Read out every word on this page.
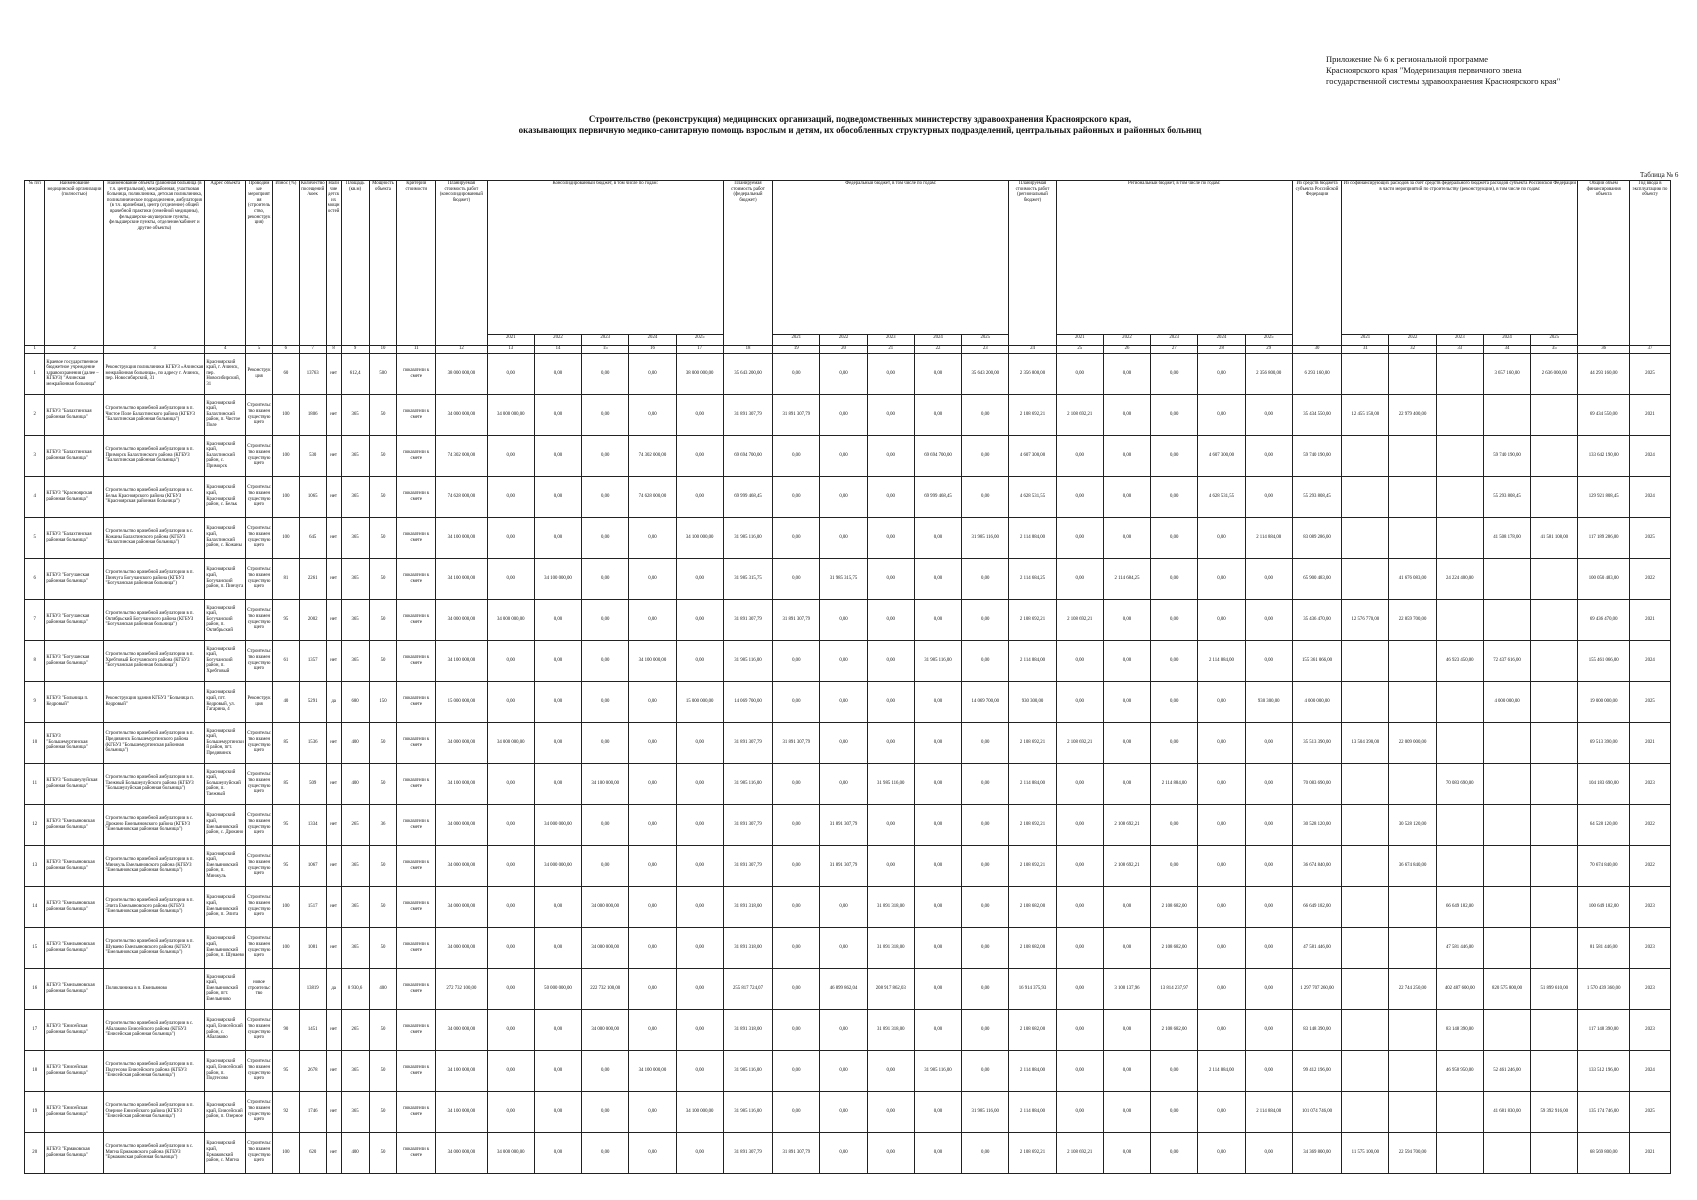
Приложение № 6 к региональной программе
Красноярского края "Модернизация первичного звена
государственной системы здравоохранения Красноярского края"
Строительство (реконструкция) медицинских организаций, подведомственных министерству здравоохранения Красноярского края,
оказывающих первичную медико-санитарную помощь взрослым и детям, их обособленных структурных подразделений, центральных районных и районных больниц
Таблица № 6
№ п/п	Наименование медицинской организации (полностью)	Наименование объекта (районная больница (в т.ч. центральная), межрайонная, участковая больница, поликлиника, детская поликлиника, поликлиническое подразделение, амбулатория (в т.ч. врачебная), центр (отделение) общей врачебной практики (семейной медицины), фельдшерско-акушерские пункты, фельдшерские пункты, отделение/кабинет и другие объекты)	Адрес объекта	Проводимые мероприятия (строительство, реконструкция)	Износ (%)	Количество посещений/коек	Наличие детских мощностей	Площадь (кв.м)	Мощность объекта	Критерий стоимости	Планируемая стоимость работ (консолидированный бюджет)	Консолидированный бюджет, в том числе по годам:					Планируемая стоимость работ (федеральный бюджет)	Федеральный бюджет, в том числе по годам:					Планируемая стоимость работ (региональный бюджет)	Региональный бюджет, в том числе по годам:					Из средств бюджета субъекта Российской Федерации	Из софинансирующих расходов за счет средств федерального бюджета расходов субъекта Российской Федерации в части мероприятий по строительству (реконструкции), в том числе по годам:					Общий объем финансирования объекта	Год ввода в эксплуатацию по объекту
												2021	2022	2023	2024	2025		2021	2022	2023	2024	2025		2021	2022	2023	2024	2025		2021	2022	2023	2024	2025		
1	2	3	4	5	6	7	8	9	10	11	12	13	14	15	16	17	18	19	20	21	22	23	24	25	26	27	28	29	30	31	32	33	34	35	36	37
1	Краевое государственное бюджетное учреждение здравоохранения (далее – КГБУЗ) "Ачинская межрайонная больница"	Реконструкция поликлиники КГБУЗ «Ачинская межрайонная больница», по адресу г. Ачинск, пер. Новосибирский, 31	Красноярский край, г. Ачинск, пер. Новосибирский, 31	Реконструкция	60	13763	нет	612,4	500	показатели к смете	38 000 000,00	0,00	0,00	0,00	0,00	38 000 000,00	35 643 200,00	0,00	0,00	0,00	0,00	35 643 200,00	2 356 800,00	0,00	0,00	0,00	0,00	2 356 800,00	6 293 160,00				3 657 160,00	2 636 000,00	44 293 160,00	2025
2	КГБУЗ "Балахтинская районная больница"	Строительство врачебной амбулатории в п. Чистое Поле Балахтинского района (КГБУЗ "Балахтинская районная больница")	Красноярский край, Балахтинский район, п. Чистое Поле	Строительство взамен существующего	100	1806	нет	365	50	показатели к смете	34 000 000,00	34 000 000,00	0,00	0,00	0,00	0,00	31 891 307,79	31 891 307,79	0,00	0,00	0,00	0,00	2 108 692,21	2 108 692,21	0,00	0,00	0,00	0,00	35 434 550,00	12 455 150,00	22 979 400,00				69 434 550,00	2021
3	КГБУЗ "Балахтинская районная больница"	Строительство врачебной амбулатории в п. Приморск Балахтинского района (КГБУЗ "Балахтинская районная больница")	Красноярский край, Балахтинский район, с. Приморск	Строительство взамен существующего	100	530	нет	365	50	показатели к смете	74 302 000,00	0,00	0,00	0,00	74 302 000,00	0,00	69 694 700,00	0,00	0,00	0,00	69 694 700,00	0,00	4 607 300,00	0,00	0,00	0,00	4 607 300,00	0,00	59 740 190,00				59 740 190,00		133 642 190,00	2024
4	КГБУЗ "Красноярская районная больница"	Строительство врачебной амбулатории в с. Бельк Красноярского района (КГБУЗ "Красноярская районная больница")	Красноярский край, Красноярский район, с. Бельк	Строительство взамен существующего	100	1065	нет	365	50	показатели к смете	74 628 000,00	0,00	0,00	0,00	74 628 000,00	0,00	69 999 468,45	0,00	0,00	0,00	69 999 468,45	0,00	4 628 531,55	0,00	0,00	0,00	4 628 531,55	0,00	55 293 808,45				55 293 808,45		129 921 808,45	2024
5	КГБУЗ "Балахтинская районная больница"	Строительство врачебной амбулатории в с. Кожаны Балахтинского района (КГБУЗ "Балахтинская районная больница")	Красноярский край, Балахтинский район, с. Кожаны	Строительство взамен существующего	100	645	нет	365	50	показатели к смете	34 100 000,00	0,00	0,00	0,00	0,00	34 100 000,00	31 985 116,00	0,00	0,00	0,00	0,00	31 985 116,00	2 114 884,00	0,00	0,00	0,00	0,00	2 114 884,00	83 089 286,00				41 508 178,00	41 581 108,00	117 189 286,00	2025
6	КГБУЗ "Богучанская районная больница"	Строительство врачебной амбулатории в п. Пинчуга Богучанского района (КГБУЗ "Богучанская районная больница")	Красноярский край, Богучанский район, п. Пинчуга	Строительство взамен существующего	81	2261	нет	365	50	показатели к смете	34 100 000,00	0,00	34 100 000,00	0,00	0,00	0,00	31 985 315,75	0,00	31 985 315,75	0,00	0,00	0,00	2 114 684,25	0,00	2 114 684,25	0,00	0,00	0,00	65 900 483,00		41 676 083,00	24 224 400,00			100 050 483,00	2022
7	КГБУЗ "Богучанская районная больница"	Строительство врачебной амбулатории в п. Октябрьский Богучанского района (КГБУЗ "Богучанская районная больница")	Красноярский край, Богучанский район, п. Октябрьский	Строительство взамен существующего	95	2002	нет	365	50	показатели к смете	34 000 000,00	34 000 000,00	0,00	0,00	0,00	0,00	31 891 307,79	31 891 307,79	0,00	0,00	0,00	0,00	2 108 692,21	2 108 692,21	0,00	0,00	0,00	0,00	35 436 470,00	12 576 770,00	22 859 700,00				69 436 470,00	2021
8	КГБУЗ "Богучанская районная больница"	Строительство врачебной амбулатории в п. Хребтовый Богучанского района (КГБУЗ "Богучанская районная больница")	Красноярский край, Богучанский район, п. Хребтовый	Строительство взамен существующего	61	1357	нет	365	50	показатели к смете	34 100 000,00	0,00	0,00	0,00	34 100 000,00	0,00	31 985 116,00	0,00	0,00	0,00	31 985 116,00	0,00	2 114 884,00	0,00	0,00	0,00	2 114 884,00	0,00	155 361 066,00			46 923 450,00	72 437 616,00		155 461 066,00	2024
9	КГБУЗ "Больница п. Кедровый"	Реконструкция здания КГБУЗ "Больница п. Кедровый"	Красноярский край, пгт. Кедровый, ул. Гагарина, 4	Реконструкция	40	5291	да	680	150	показатели к смете	15 000 000,00	0,00	0,00	0,00	0,00	15 000 000,00	14 069 700,00	0,00	0,00	0,00	0,00	14 069 700,00	930 300,00	0,00	0,00	0,00	0,00	930 300,00	4 000 000,00				4 000 000,00		19 000 000,00	2025
10	КГБУЗ "Большемуртинская районная больница"	Строительство врачебной амбулатории в п. Предивинск Большемуртинского района (КГБУЗ "Большемуртинская районная больница")	Красноярский край, Большемуртинский район, пгт. Предивинск	Строительство взамен существующего	85	1536	нет	400	50	показатели к смете	34 000 000,00	34 000 000,00	0,00	0,00	0,00	0,00	31 891 307,79	31 891 307,79	0,00	0,00	0,00	0,00	2 108 692,21	2 108 692,21	0,00	0,00	0,00	0,00	35 513 390,00	13 504 390,00	22 009 000,00				69 513 390,00	2021
11	КГБУЗ "Большеулуйская районная больница"	Строительство врачебной амбулатории в п. Таежный Большеулуйского района (КГБУЗ "Большеулуйская районная больница")	Красноярский край, Большеулуйский район, п. Таежный	Строительство взамен существующего	85	509	нет	400	50	показатели к смете	34 100 000,00	0,00	0,00	34 100 000,00	0,00	0,00	31 985 116,00	0,00	0,00	31 985 116,00	0,00	0,00	2 114 884,00	0,00	0,00	2 114 884,00	0,00	0,00	70 083 690,00			70 083 690,00			104 183 690,00	2023
12	КГБУЗ "Емельяновская районная больница"	Строительство врачебной амбулатории в с. Дрокино Емельяновского района (КГБУЗ "Емельяновская районная больница")	Красноярский край, Емельяновский район, с. Дрокино	Строительство взамен существующего	95	1334	нет	265	36	показатели к смете	34 000 000,00	0,00	34 000 000,00	0,00	0,00	0,00	31 891 307,79	0,00	31 891 307,79	0,00	0,00	0,00	2 108 692,21	0,00	2 108 692,21	0,00	0,00	0,00	30 528 120,00		30 528 120,00				64 528 120,00	2022
13	КГБУЗ "Емельяновская районная больница"	Строительство врачебной амбулатории в п. Минжуль Емельяновского района (КГБУЗ "Емельяновская районная больница")	Красноярский край, Емельяновский район, п. Минжуль	Строительство взамен существующего	95	1067	нет	365	50	показатели к смете	34 000 000,00	0,00	34 000 000,00	0,00	0,00	0,00	31 891 307,79	0,00	31 891 307,79	0,00	0,00	0,00	2 108 692,21	0,00	2 108 692,21	0,00	0,00	0,00	36 674 840,00		36 674 840,00				70 674 840,00	2022
14	КГБУЗ "Емельяновская районная больница"	Строительство врачебной амбулатории в п. Элита Емельяновского района (КГБУЗ "Емельяновская районная больница")	Красноярский край, Емельяновский район, п. Элита	Строительство взамен существующего	100	1517	нет	365	50	показатели к смете	34 000 000,00	0,00	0,00	34 000 000,00	0,00	0,00	31 891 318,00	0,00	0,00	31 891 318,00	0,00	0,00	2 108 682,00	0,00	0,00	2 108 682,00	0,00	0,00	66 649 182,00			66 649 182,00			100 649 182,00	2023
15	КГБУЗ "Емельяновская районная больница"	Строительство врачебной амбулатории в п. Шуваево Емельяновского района (КГБУЗ "Емельяновская районная больница")	Красноярский край, Емельяновский район, п. Шуваево	Строительство взамен существующего	100	1081	нет	365	50	показатели к смете	34 000 000,00	0,00	0,00	34 000 000,00	0,00	0,00	31 891 318,00	0,00	0,00	31 891 318,00	0,00	0,00	2 108 682,00	0,00	0,00	2 108 682,00	0,00	0,00	47 581 446,00			47 581 446,00			81 581 446,00	2023
16	КГБУЗ "Емельяновская районная больница"	Поликлиника в п. Емельяново	Красноярский край, Емельяновский район, пгт. Емельяново	новое строительство		13819	да	8 930,6	400	показатели к смете	272 732 100,00	0,00	50 000 000,00	222 732 100,00	0,00	0,00	255 817 724,07	0,00	46 899 862,04	208 917 862,03	0,00	0,00	16 914 375,93	0,00	3 100 137,96	13 814 237,97	0,00	0,00	1 297 707 260,00		22 744 250,00	402 487 600,00	820 575 800,00	51 899 610,00	1 570 439 360,00	2023
17	КГБУЗ "Енисейская районная больница"	Строительство врачебной амбулатории в с. Абалаково Енисейского района (КГБУЗ "Енисейская районная больница")	Красноярский край, Енисейский район, с. Абалаково	Строительство взамен существующего	90	1451	нет	265	50	показатели к смете	34 000 000,00	0,00	0,00	34 000 000,00	0,00	0,00	31 891 318,00	0,00	0,00	31 891 318,00	0,00	0,00	2 108 682,00	0,00	0,00	2 108 682,00	0,00	0,00	83 148 390,00			83 148 390,00			117 148 390,00	2023
18	КГБУЗ "Енисейская районная больница"	Строительство врачебной амбулатории в п. Подтесово Енисейского района (КГБУЗ "Енисейская районная больница")	Красноярский край, Енисейский район, п. Подтесово	Строительство взамен существующего	95	2678	нет	365	50	показатели к смете	34 100 000,00	0,00	0,00	0,00	34 100 000,00	0,00	31 985 116,00	0,00	0,00	0,00	31 985 116,00	0,00	2 114 884,00	0,00	0,00	0,00	2 114 884,00	0,00	99 412 196,00			46 950 950,00	52 461 246,00		133 512 196,00	2024
19	КГБУЗ "Енисейская районная больница"	Строительство врачебной амбулатории в п. Озерное Енисейского района (КГБУЗ "Енисейская районная больница")	Красноярский край, Енисейский район, п. Озерное	Строительство взамен существующего	92	1746	нет	365	50	показатели к смете	34 100 000,00	0,00	0,00	0,00	0,00	34 100 000,00	31 985 116,00	0,00	0,00	0,00	0,00	31 985 116,00	2 114 884,00	0,00	0,00	0,00	0,00	2 114 884,00	101 074 746,00				41 681 830,00	59 392 916,00	135 174 746,00	2025
20	КГБУЗ "Ермаковская районная больница"	Строительство врачебной амбулатории в с. Мигна Ермаковского района (КГБУЗ "Ермаковская районная больница")	Красноярский край, Ермаковский район, с. Мигна	Строительство взамен существующего	100	620	нет	400	50	показатели к смете	34 000 000,00	34 000 000,00	0,00	0,00	0,00	0,00	31 891 307,79	31 891 307,79	0,00	0,00	0,00	0,00	2 108 692,21	2 108 692,21	0,00	0,00	0,00	0,00	34 369 800,00	11 575 100,00	22 594 700,00				68 569 800,00	2021
